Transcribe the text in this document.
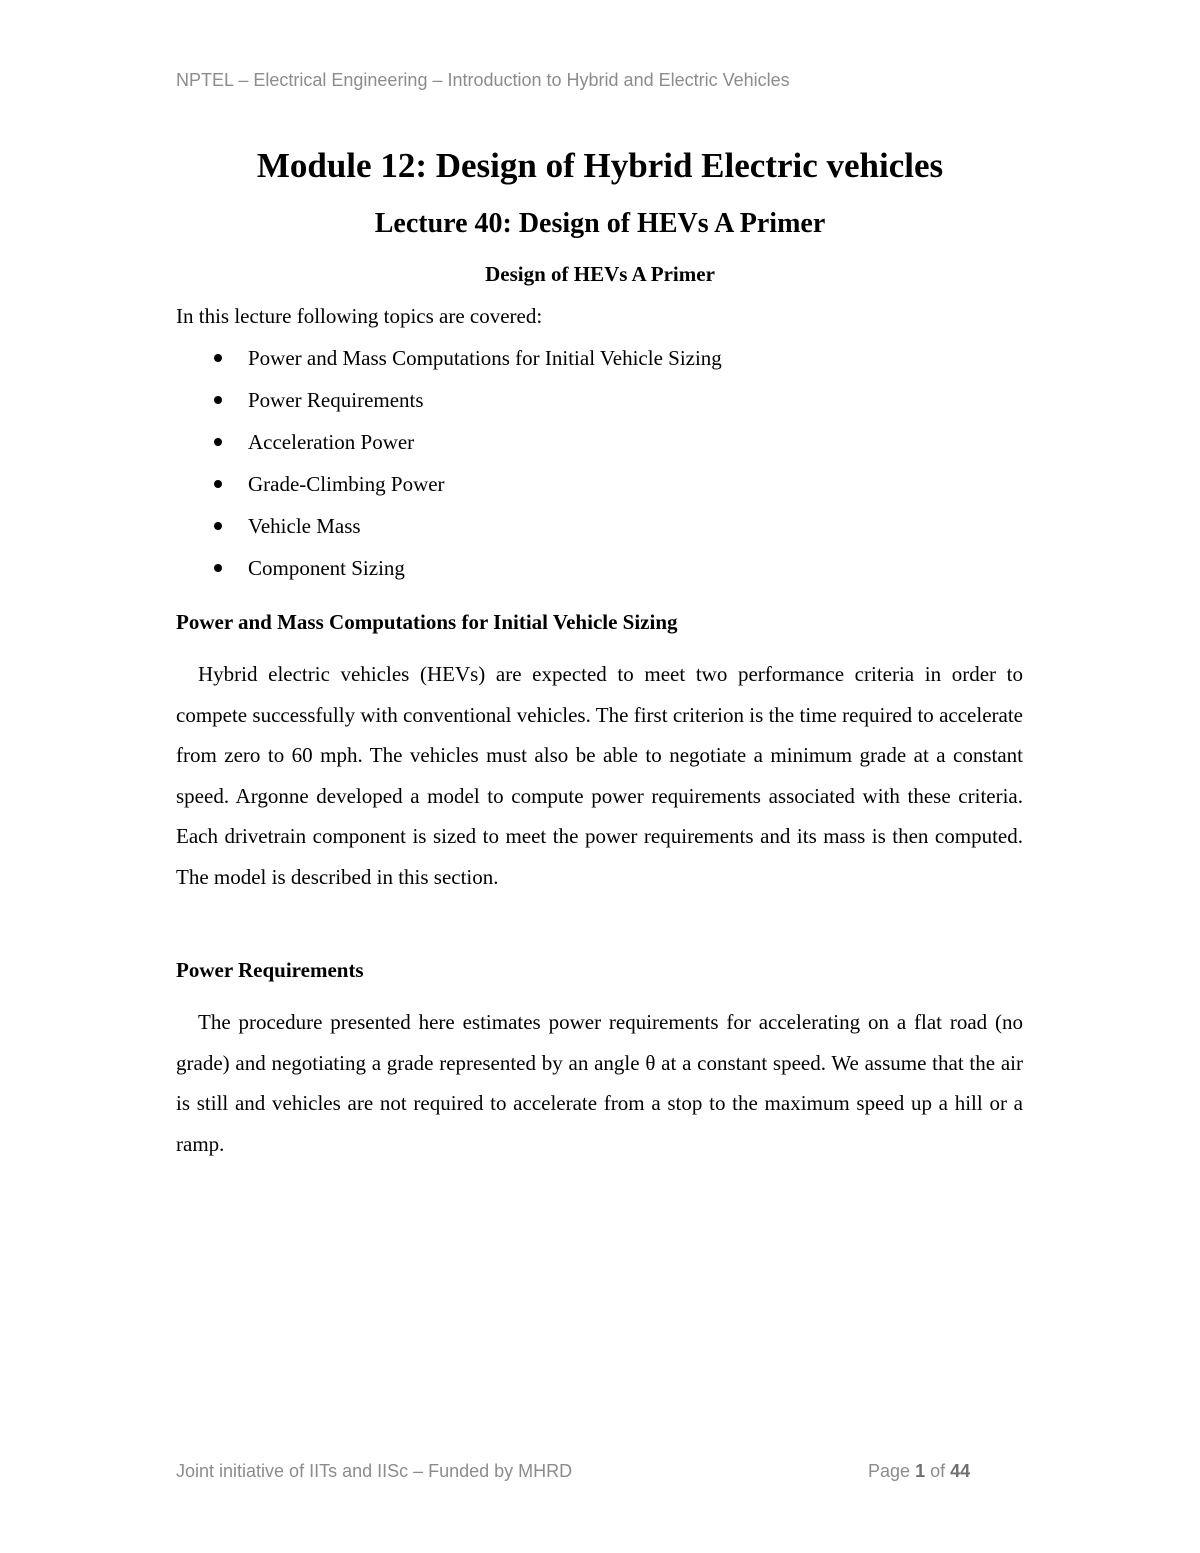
NPTEL – Electrical Engineering – Introduction to Hybrid and Electric Vehicles
Module 12: Design of Hybrid Electric vehicles
Lecture 40: Design of HEVs A Primer
Design of HEVs A Primer

In this lecture following topics are covered:

Power and Mass Computations for Initial Vehicle Sizing
Power Requirements
Acceleration Power
Grade-Climbing Power
Vehicle Mass
Component Sizing
Power and Mass Computations for Initial Vehicle Sizing

Hybrid electric vehicles (HEVs) are expected to meet two performance criteria in order to compete successfully with conventional vehicles. The first criterion is the time required to accelerate from zero to 60 mph. The vehicles must also be able to negotiate a minimum grade at a constant speed. Argonne developed a model to compute power requirements associated with these criteria. Each drivetrain component is sized to meet the power requirements and its mass is then computed. The model is described in this section.

Power Requirements

The procedure presented here estimates power requirements for accelerating on a flat road (no grade) and negotiating a grade represented by an angle θ at a constant speed. We assume that the air is still and vehicles are not required to accelerate from a stop to the maximum speed up a hill or a ramp.

Joint initiative of IITs and IISc – Funded by MHRD	Page 1 of 44
